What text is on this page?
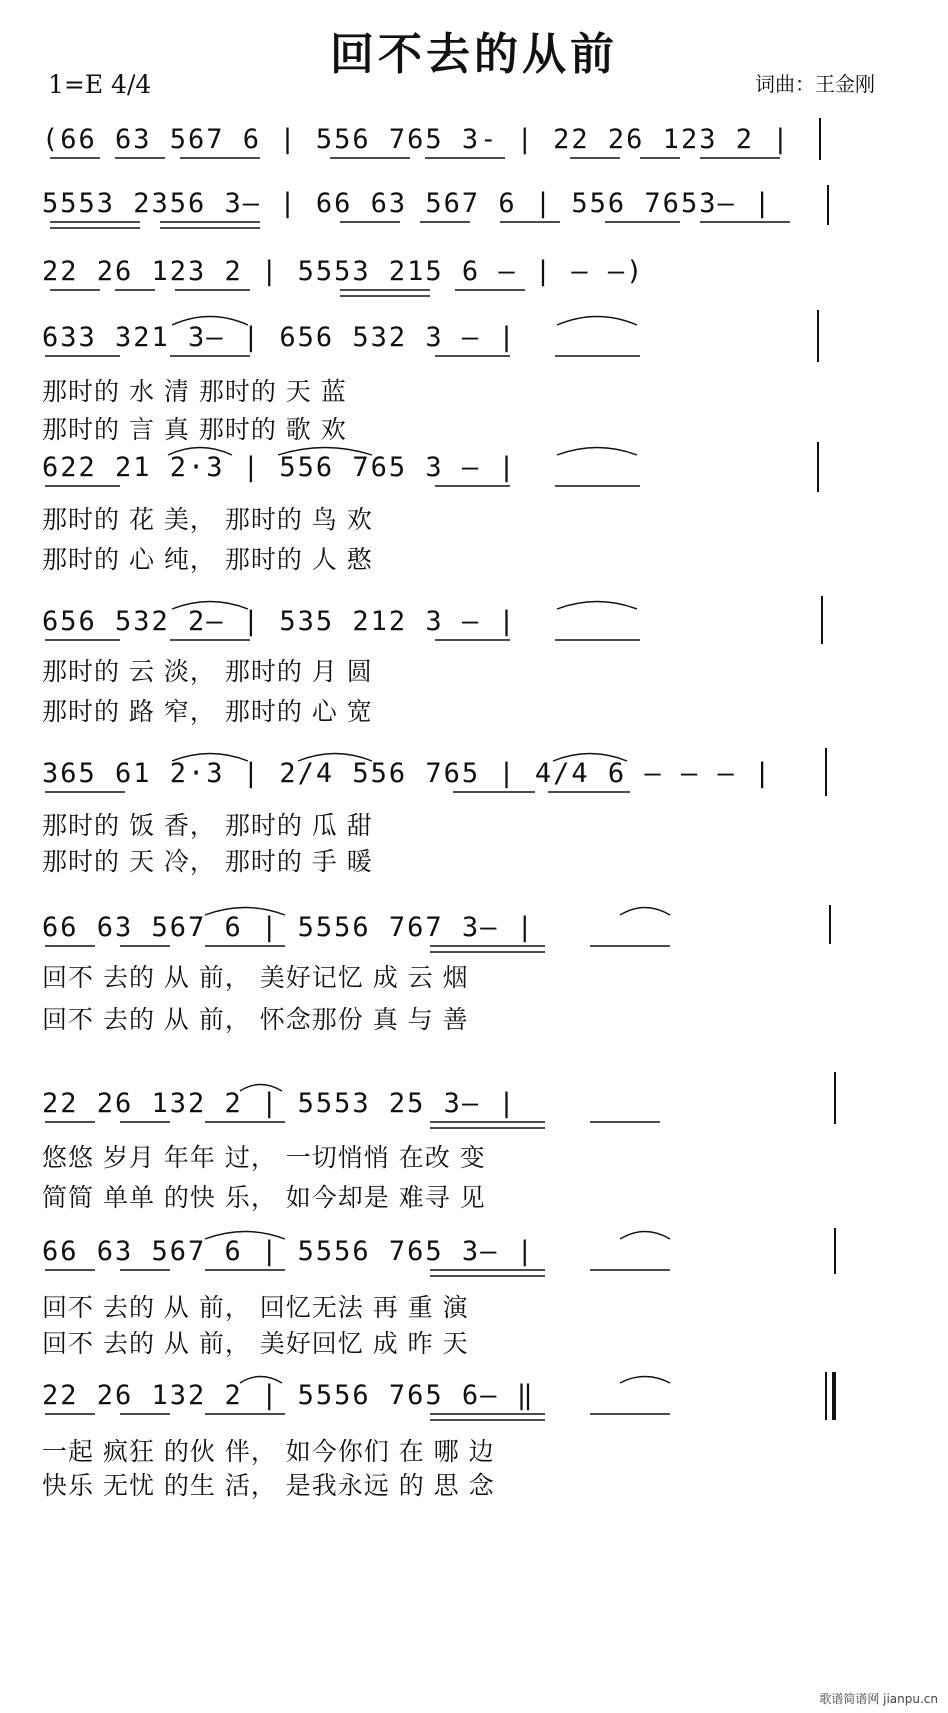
回不去的从前
1=E 4/4	词曲：王金刚
(66 63 567 6 | 556 765 3- | 22 26 123 2 |
5553 2356 3— | 66 63 567 6 | 556 7653— |
22 26 123 2 | 5553 215 6 — | — —)
633 321 3— | 656 532 3 — |
那时的 水 清 那时的 天 蓝
那时的 言 真 那时的 歌 欢
622 21 2·3 | 556 765 3 — |
那时的 花 美， 那时的 鸟 欢
那时的 心 纯， 那时的 人 憨
656 532 2— | 535 212 3 — |
那时的 云 淡， 那时的 月 圆
那时的 路 窄， 那时的 心 宽
365 61 2·3 | 2/4 556 765 | 4/4 6 — — — |
那时的 饭 香， 那时的 瓜 甜
那时的 天 冷， 那时的 手 暖
66 63 567 6 | 5556 767 3— |
回不 去的 从 前， 美好记忆 成 云 烟
回不 去的 从 前， 怀念那份 真 与 善
22 26 132 2 | 5553 25 3— |
悠悠 岁月 年年 过， 一切悄悄 在改 变
简简 单单 的快 乐， 如今却是 难寻 见
66 63 567 6 | 5556 765 3— |
回不 去的 从 前， 回忆无法 再 重 演
回不 去的 从 前， 美好回忆 成 昨 天
22 26 132 2 | 5556 765 6— ‖
一起 疯狂 的伙 伴， 如今你们 在 哪 边
快乐 无忧 的生 活， 是我永远 的 思 念
歌谱简谱网 jianpu.cn
